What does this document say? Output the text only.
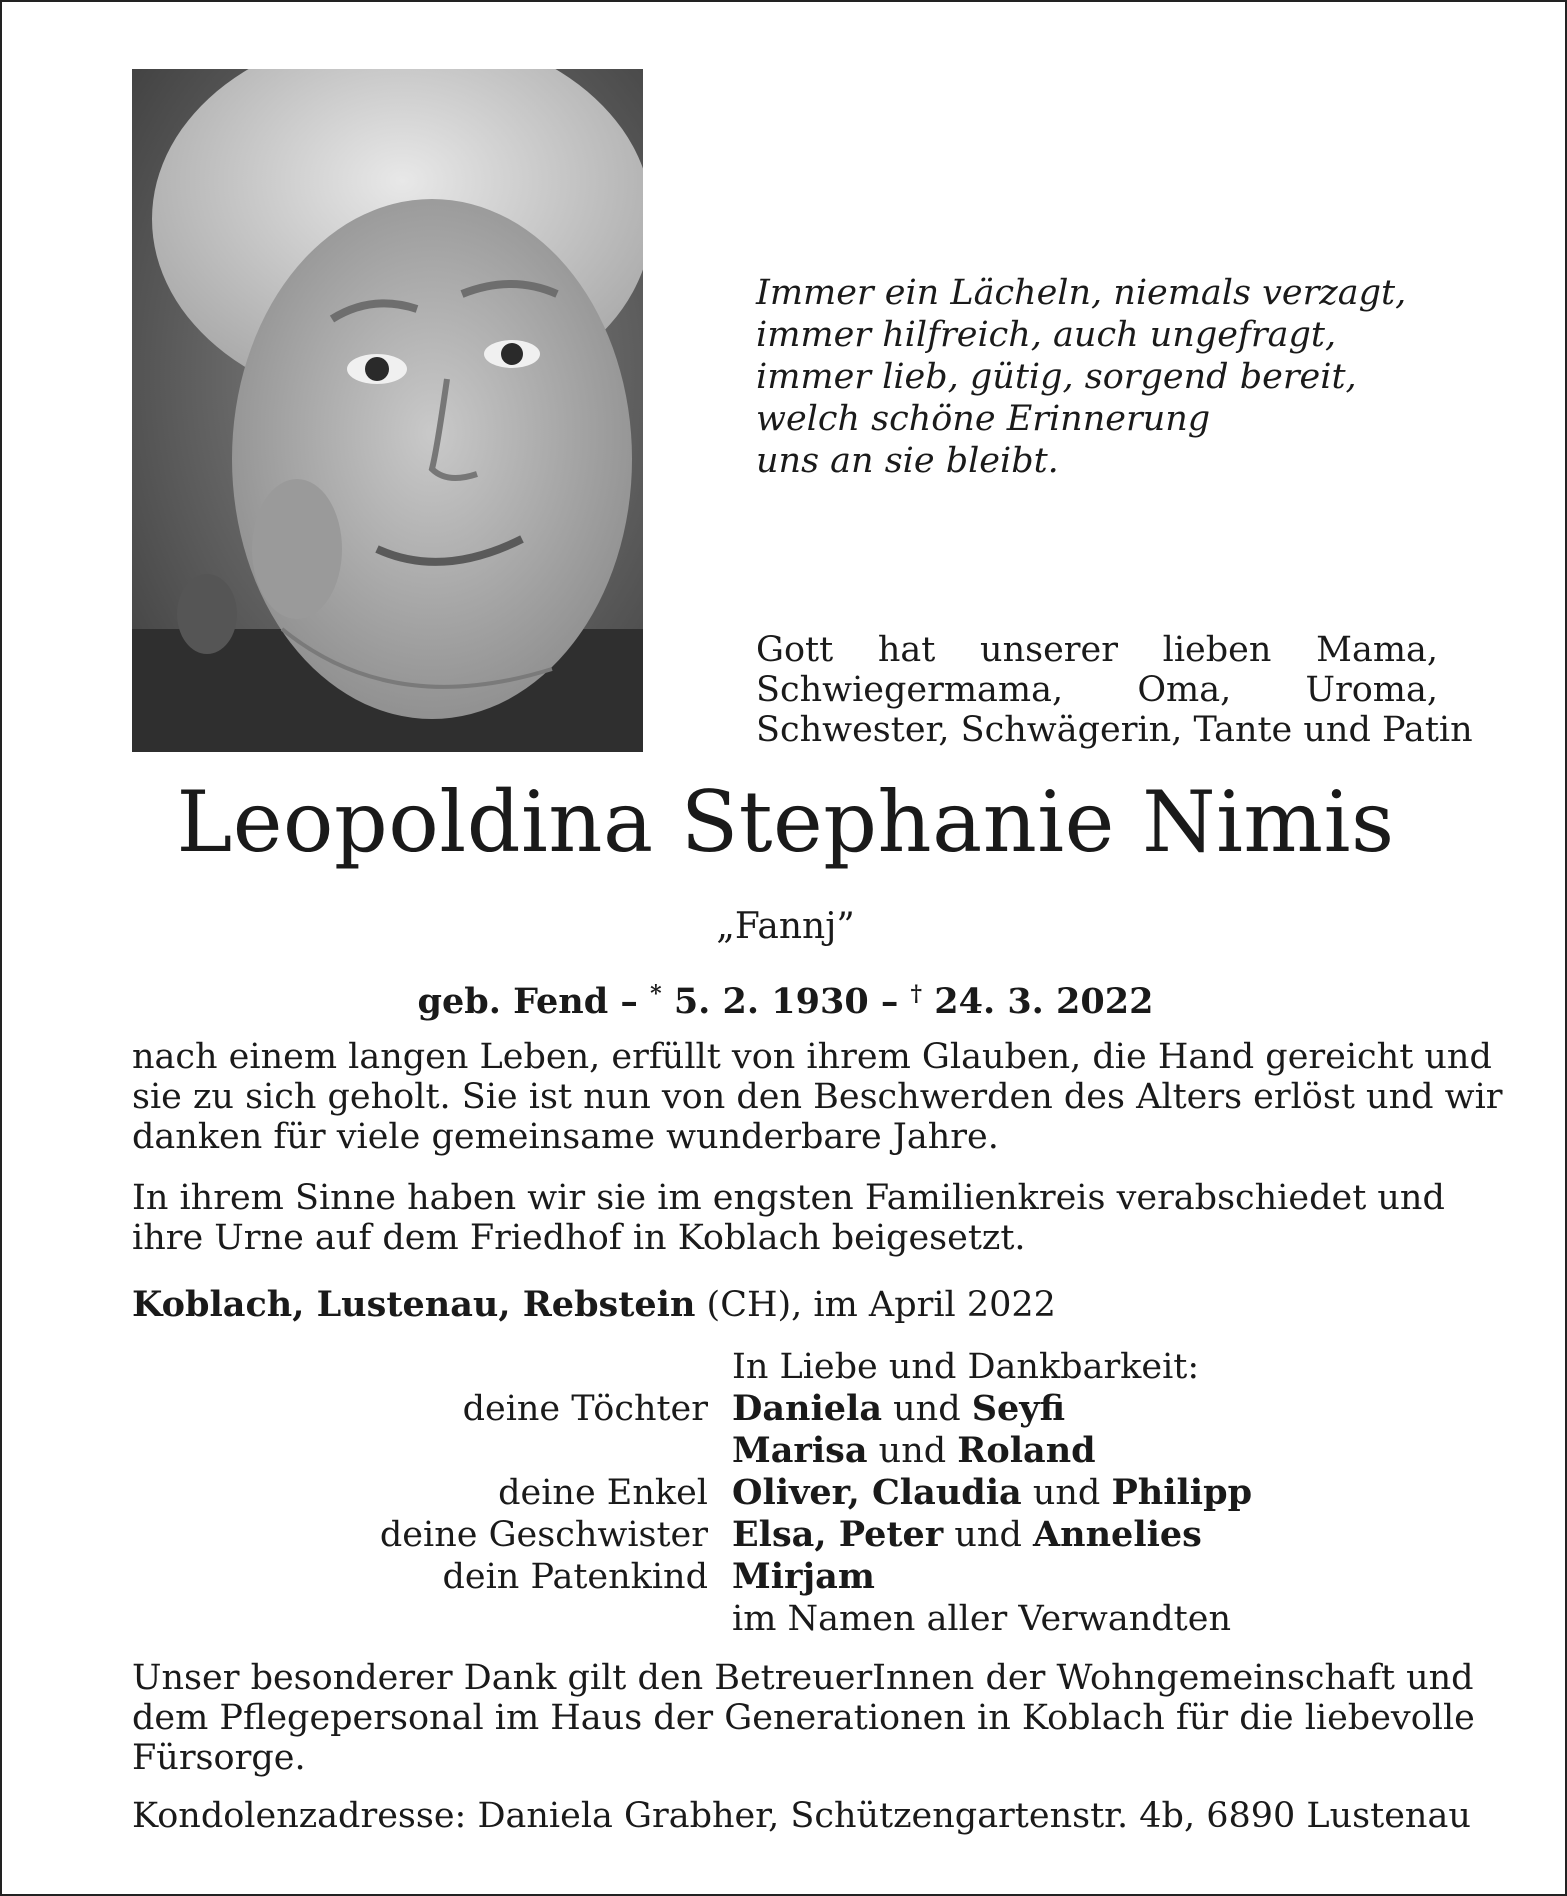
Immer ein Lächeln, niemals verzagt,
immer hilfreich, auch ungefragt,
immer lieb, gütig, sorgend bereit,
welch schöne Erinnerung
uns an sie bleibt.
Gott hat unserer lieben Mama,
Schwiegermama, Oma, Uroma,
Schwester, Schwägerin, Tante und Patin
Leopoldina Stephanie Nimis
„Fannj”
geb. Fend – * 5. 2. 1930 – † 24. 3. 2022
nach einem langen Leben, erfüllt von ihrem Glauben, die Hand gereicht und
sie zu sich geholt. Sie ist nun von den Beschwerden des Alters erlöst und wir
danken für viele gemeinsame wunderbare Jahre.
In ihrem Sinne haben wir sie im engsten Familienkreis verabschiedet und
ihre Urne auf dem Friedhof in Koblach beigesetzt.
Koblach, Lustenau, Rebstein (CH), im April 2022
In Liebe und Dankbarkeit:
deine Töchter Daniela und Seyfi
Marisa und Roland
deine Enkel Oliver, Claudia und Philipp
deine Geschwister Elsa, Peter und Annelies
dein Patenkind Mirjam
im Namen aller Verwandten
Unser besonderer Dank gilt den BetreuerInnen der Wohngemeinschaft und
dem Pflegepersonal im Haus der Generationen in Koblach für die liebevolle
Fürsorge.
Kondolenzadresse: Daniela Grabher, Schützengartenstr. 4b, 6890 Lustenau
